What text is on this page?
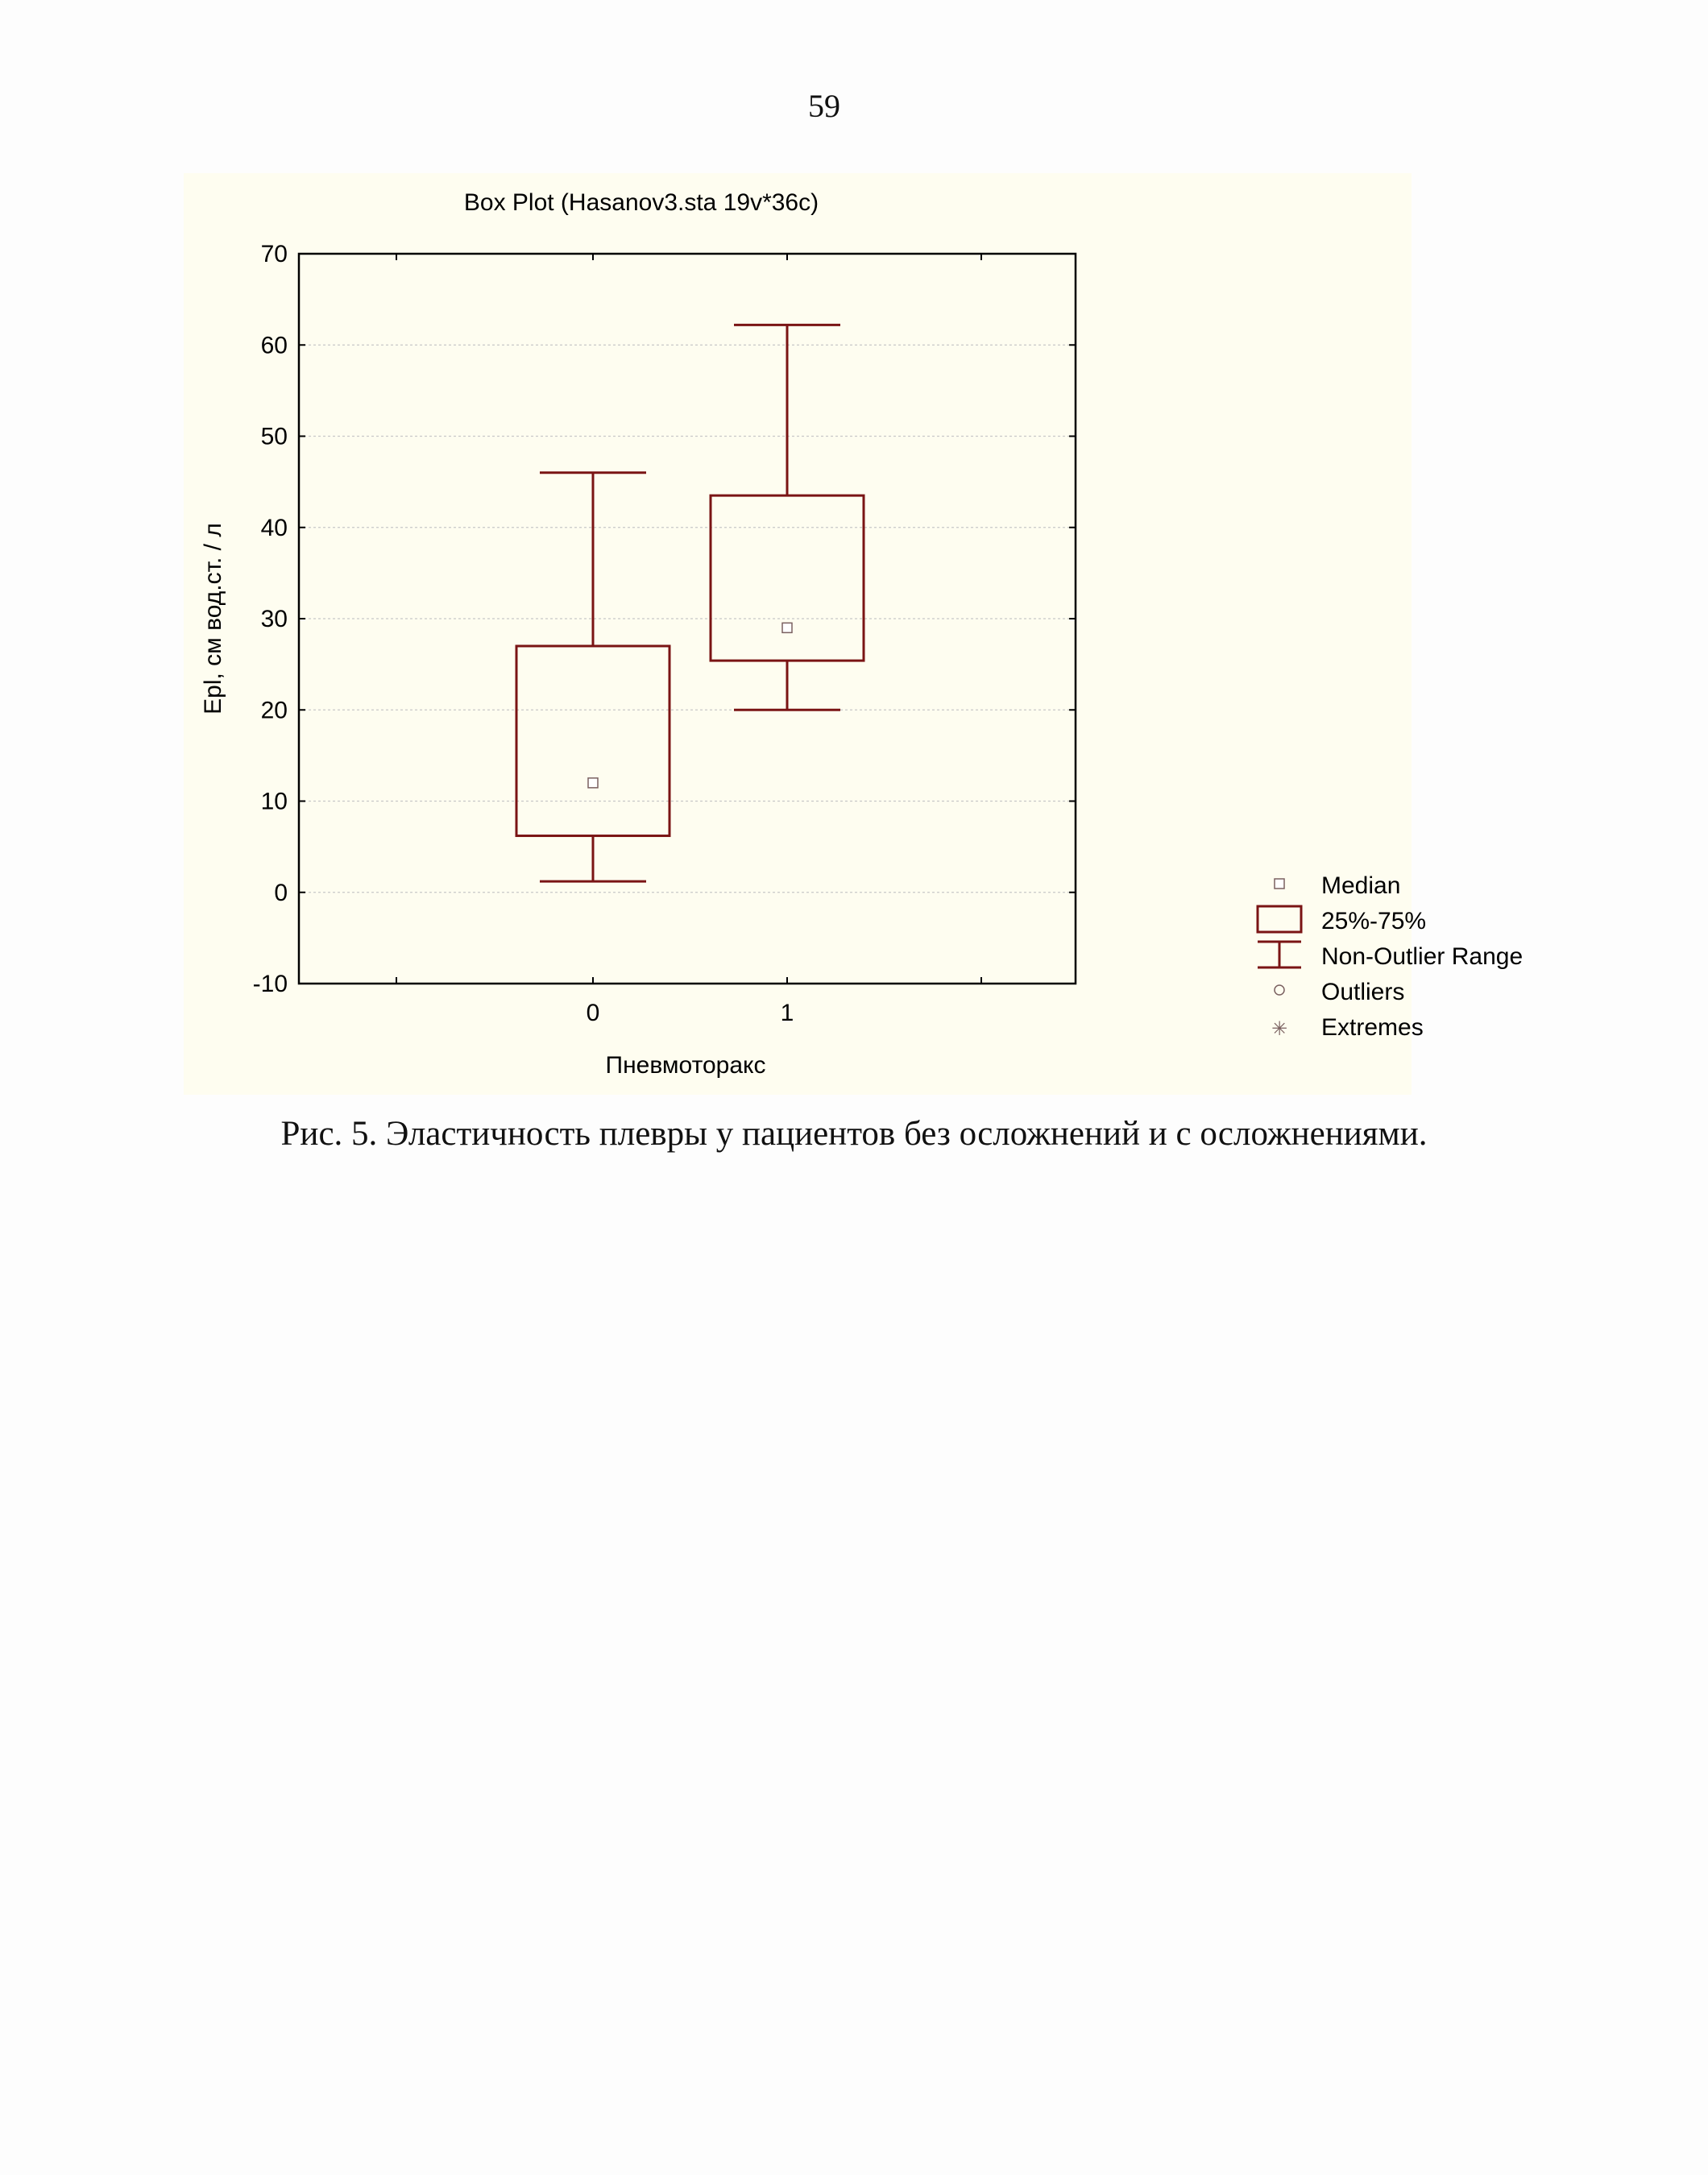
59
Box Plot (Hasanov3.sta 19v*36c)
-10
0
10
20
30
40
50
60
70
0	1
Epl, см вод.ст. / л
Пневмоторакс
Median
25%-75%
Non-Outlier Range
Outliers
✳ Extremes
Рис. 5. Эластичность плевры у пациентов без осложнений и с осложнениями.
